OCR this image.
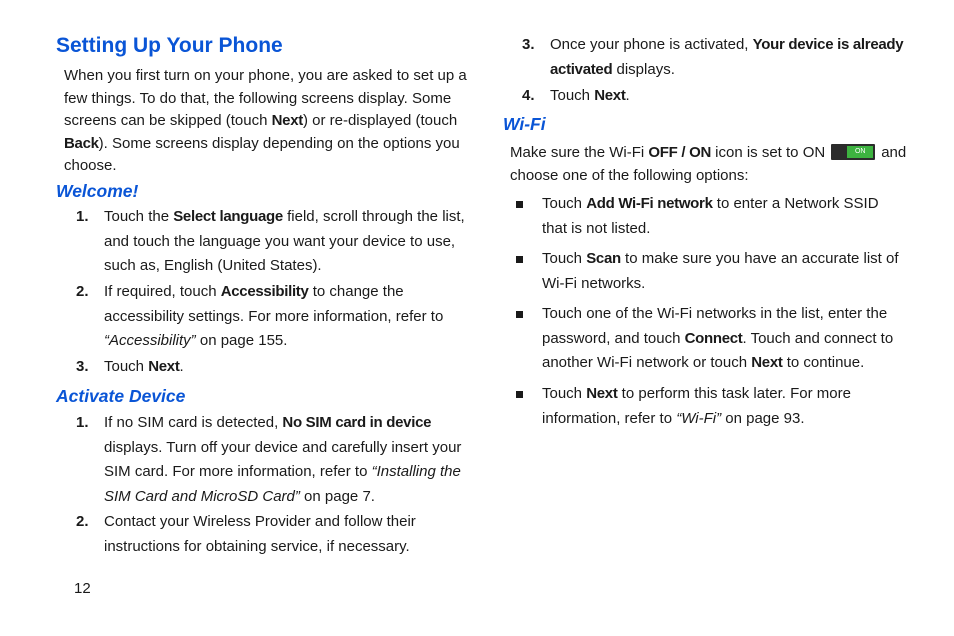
Setting Up Your Phone

When you first turn on your phone, you are asked to set up a few things. To do that, the following screens display. Some screens can be skipped (touch Next) or re-displayed (touch Back). Some screens display depending on the options you choose.

Welcome!
1. Touch the Select language field, scroll through the list, and touch the language you want your device to use, such as, English (United States).
2. If required, touch Accessibility to change the accessibility settings. For more information, refer to “Accessibility” on page 155.
3. Touch Next.
Activate Device
1. If no SIM card is detected, No SIM card in device displays. Turn off your device and carefully insert your SIM card. For more information, refer to “Installing the SIM Card and MicroSD Card” on page 7.
2. Contact your Wireless Provider and follow their instructions for obtaining service, if necessary.
3. Once your phone is activated, Your device is already activated displays.
4. Touch Next.
Wi-Fi

Make sure the Wi-Fi OFF / ON icon is set to ON	ON	and choose one of the following options:

Touch Add Wi-Fi network to enter a Network SSID that is not listed.
Touch Scan to make sure you have an accurate list of Wi-Fi networks.
Touch one of the Wi-Fi networks in the list, enter the password, and touch Connect. Touch and connect to another Wi-Fi network or touch Next to continue.
Touch Next to perform this task later. For more information, refer to “Wi-Fi” on page 93.
12
